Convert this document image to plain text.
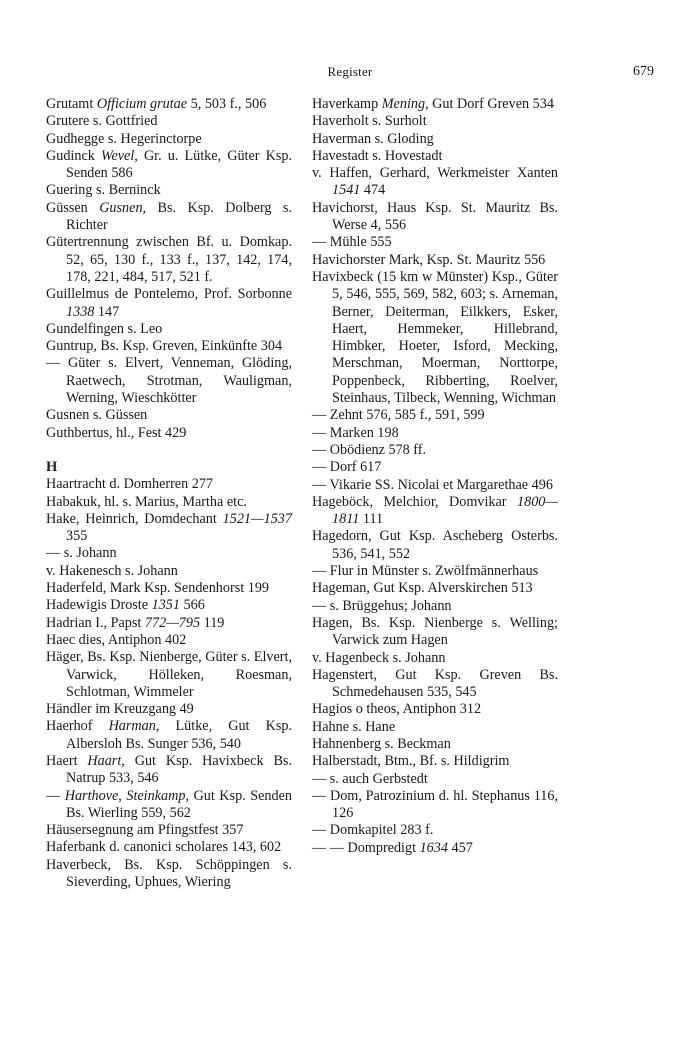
Register	679
Grutamt Officium grutae 5, 503 f., 506
Grutere s. Gottfried
Gudhegge s. Hegerinctorpe
Gudinck Wevel, Gr. u. Lütke, Güter Ksp. Senden 586
Guering s. Berninck
Güssen Gusnen, Bs. Ksp. Dolberg s. Richter
Gütertrennung zwischen Bf. u. Domkap. 52, 65, 130 f., 133 f., 137, 142, 174, 178, 221, 484, 517, 521 f.
Guillelmus de Pontelemo, Prof. Sorbonne 1338 147
Gundelfingen s. Leo
Guntrup, Bs. Ksp. Greven, Einkünfte 304
— Güter s. Elvert, Venneman, Glöding, Raetwech, Strotman, Wauligman, Werning, Wieschkötter
Gusnen s. Güssen
Guthbertus, hl., Fest 429
H
Haartracht d. Domherren 277
Habakuk, hl. s. Marius, Martha etc.
Hake, Heinrich, Domdechant 1521—1537 355
— s. Johann
v. Hakenesch s. Johann
Haderfeld, Mark Ksp. Sendenhorst 199
Hadewigis Droste 1351 566
Hadrian I., Papst 772—795 119
Haec dies, Antiphon 402
Häger, Bs. Ksp. Nienberge, Güter s. Elvert, Varwick, Hölleken, Roesman, Schlotman, Wimmeler
Händler im Kreuzgang 49
Haerhof Harman, Lütke, Gut Ksp. Albersloh Bs. Sunger 536, 540
Haert Haart, Gut Ksp. Havixbeck Bs. Natrup 533, 546
— Harthove, Steinkamp, Gut Ksp. Senden Bs. Wierling 559, 562
Häusersegnung am Pfingstfest 357
Haferbank d. canonici scholares 143, 602
Haverbeck, Bs. Ksp. Schöppingen s. Sieverding, Uphues, Wiering
Haverkamp Mening, Gut Dorf Greven 534
Haverholt s. Surholt
Haverman s. Gloding
Havestadt s. Hovestadt
v. Haffen, Gerhard, Werkmeister Xanten 1541 474
Havichorst, Haus Ksp. St. Mauritz Bs. Werse 4, 556
— Mühle 555
Havichorster Mark, Ksp. St. Mauritz 556
Havixbeck (15 km w Münster) Ksp., Güter 5, 546, 555, 569, 582, 603; s. Arneman, Berner, Deiterman, Eilkkers, Esker, Haert, Hemmeker, Hillebrand, Himbker, Hoeter, Isford, Mecking, Merschman, Moerman, Norttorpe, Poppenbeck, Ribberting, Roelver, Steinhaus, Tilbeck, Wenning, Wichman
— Zehnt 576, 585 f., 591, 599
— Marken 198
— Obödienz 578 ff.
— Dorf 617
— Vikarie SS. Nicolai et Margarethae 496
Hageböck, Melchior, Domvikar 1800—1811 111
Hagedorn, Gut Ksp. Ascheberg Osterbs. 536, 541, 552
— Flur in Münster s. Zwölfmännerhaus
Hageman, Gut Ksp. Alverskirchen 513
— s. Brüggehus; Johann
Hagen, Bs. Ksp. Nienberge s. Welling; Varwick zum Hagen
v. Hagenbeck s. Johann
Hagenstert, Gut Ksp. Greven Bs. Schmedehausen 535, 545
Hagios o theos, Antiphon 312
Hahne s. Hane
Hahnenberg s. Beckman
Halberstadt, Btm., Bf. s. Hildigrim
— s. auch Gerbstedt
— Dom, Patrozinium d. hl. Stephanus 116, 126
— Domkapitel 283 f.
— — Dompredigt 1634 457
